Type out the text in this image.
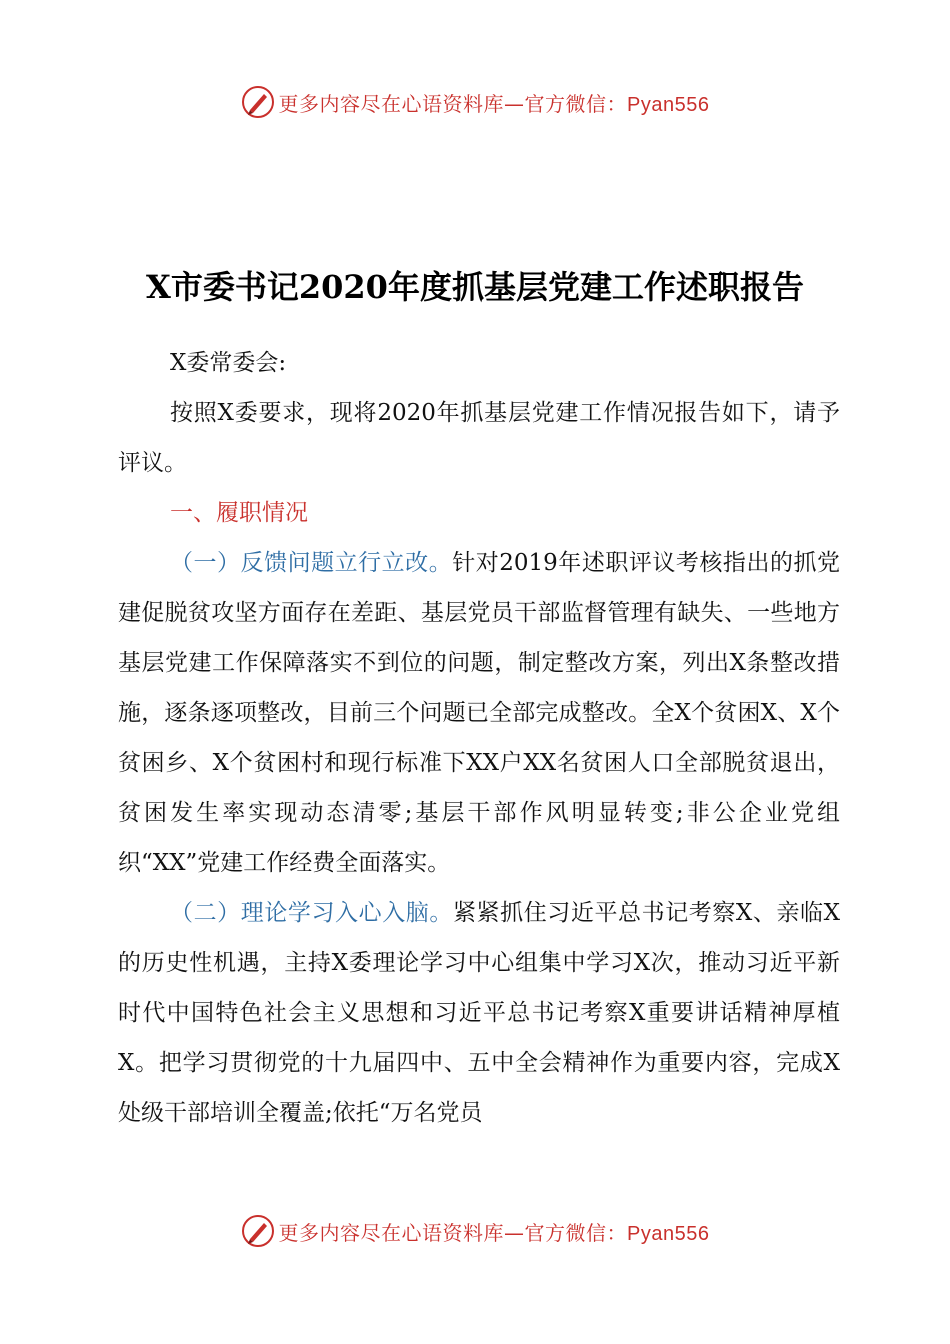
更多内容尽在心语资料库—官方微信：Pyan556
X市委书记2020年度抓基层党建工作述职报告

X委常委会:

按照X委要求，现将2020年抓基层党建工作情况报告如下，请予评议。

一、履职情况

（一）反馈问题立行立改。针对2019年述职评议考核指出的抓党建促脱贫攻坚方面存在差距、基层党员干部监督管理有缺失、一些地方基层党建工作保障落实不到位的问题，制定整改方案，列出X条整改措施，逐条逐项整改，目前三个问题已全部完成整改。全X个贫困X、X个贫困乡、X个贫困村和现行标准下XX户XX名贫困人口全部脱贫退出，贫困发生率实现动态清零;基层干部作风明显转变;非公企业党组织“XX”党建工作经费全面落实。

（二）理论学习入心入脑。紧紧抓住习近平总书记考察X、亲临X的历史性机遇，主持X委理论学习中心组集中学习X次，推动习近平新时代中国特色社会主义思想和习近平总书记考察X重要讲话精神厚植X。把学习贯彻党的十九届四中、五中全会精神作为重要内容，完成X处级干部培训全覆盖;依托“万名党员

更多内容尽在心语资料库—官方微信：Pyan556
